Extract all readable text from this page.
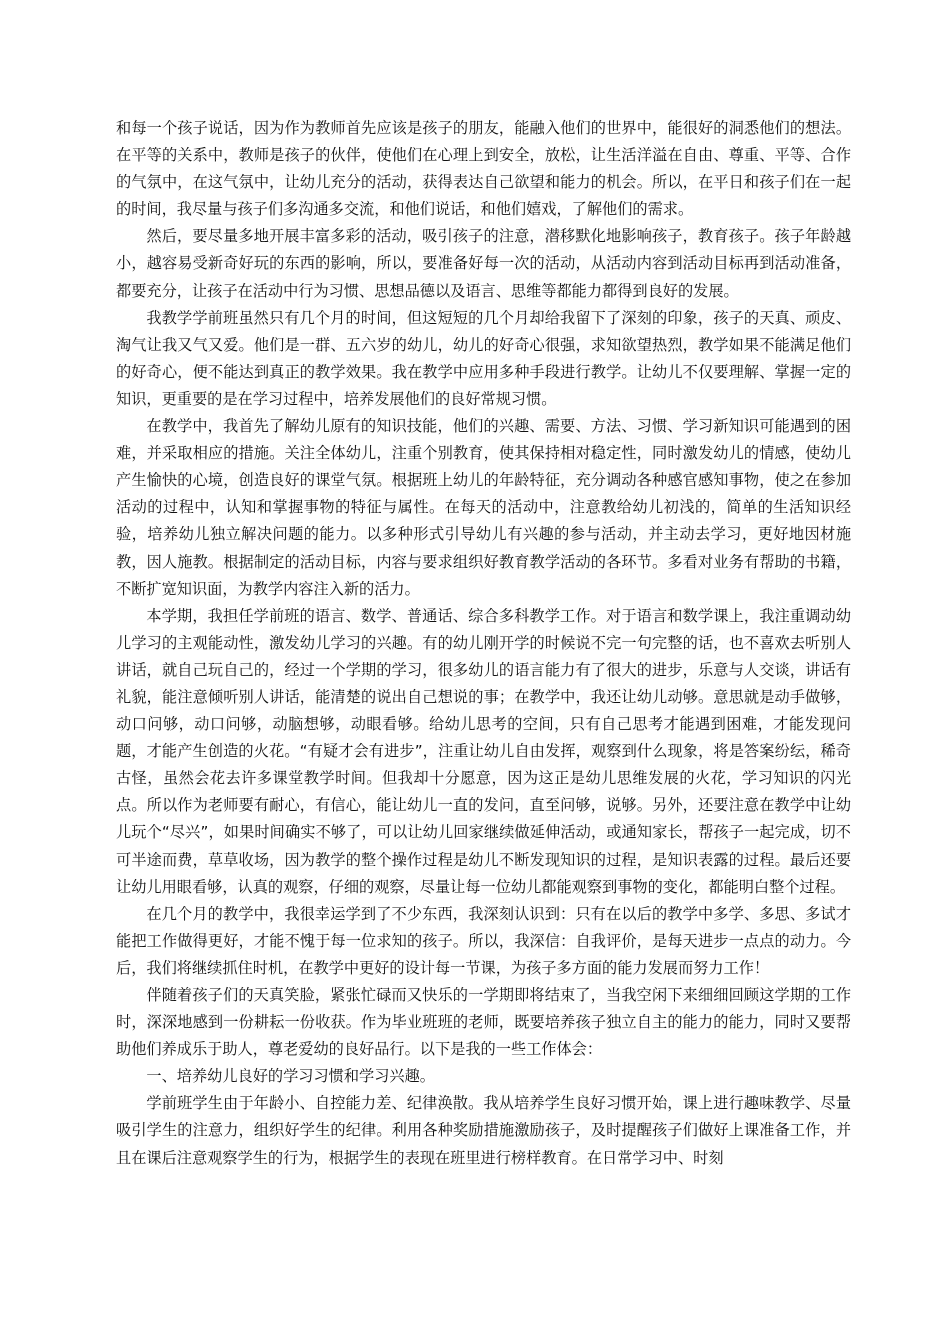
和每一个孩子说话，因为作为教师首先应该是孩子的朋友，能融入他们的世界中，能很好的洞悉他们的想法。在平等的关系中，教师是孩子的伙伴，使他们在心理上到安全，放松，让生活洋溢在自由、尊重、平等、合作的气氛中，在这气氛中，让幼儿充分的活动，获得表达自己欲望和能力的机会。所以，在平日和孩子们在一起的时间，我尽量与孩子们多沟通多交流，和他们说话，和他们嬉戏，了解他们的需求。

然后，要尽量多地开展丰富多彩的活动，吸引孩子的注意，潜移默化地影响孩子，教育孩子。孩子年龄越小，越容易受新奇好玩的东西的影响，所以，要准备好每一次的活动，从活动内容到活动目标再到活动准备，都要充分，让孩子在活动中行为习惯、思想品德以及语言、思维等都能力都得到良好的发展。

我教学学前班虽然只有几个月的时间，但这短短的几个月却给我留下了深刻的印象，孩子的天真、顽皮、淘气让我又气又爱。他们是一群、五六岁的幼儿，幼儿的好奇心很强，求知欲望热烈，教学如果不能满足他们的好奇心，便不能达到真正的教学效果。我在教学中应用多种手段进行教学。让幼儿不仅要理解、掌握一定的知识，更重要的是在学习过程中，培养发展他们的良好常规习惯。

在教学中，我首先了解幼儿原有的知识技能，他们的兴趣、需要、方法、习惯、学习新知识可能遇到的困难，并采取相应的措施。关注全体幼儿，注重个别教育，使其保持相对稳定性，同时激发幼儿的情感，使幼儿产生愉快的心境，创造良好的课堂气氛。根据班上幼儿的年龄特征，充分调动各种感官感知事物，使之在参加活动的过程中，认知和掌握事物的特征与属性。在每天的活动中，注意教给幼儿初浅的，简单的生活知识经验，培养幼儿独立解决问题的能力。以多种形式引导幼儿有兴趣的参与活动，并主动去学习，更好地因材施教，因人施教。根据制定的活动目标，内容与要求组织好教育教学活动的各环节。多看对业务有帮助的书籍，不断扩宽知识面，为教学内容注入新的活力。

本学期，我担任学前班的语言、数学、普通话、综合多科教学工作。对于语言和数学课上，我注重调动幼儿学习的主观能动性，激发幼儿学习的兴趣。有的幼儿刚开学的时候说不完一句完整的话，也不喜欢去听别人讲话，就自己玩自己的，经过一个学期的学习，很多幼儿的语言能力有了很大的进步，乐意与人交谈，讲话有礼貌，能注意倾听别人讲话，能清楚的说出自己想说的事；在教学中，我还让幼儿动够。意思就是动手做够，动口问够，动口问够，动脑想够，动眼看够。给幼儿思考的空间，只有自己思考才能遇到困难，才能发现问题，才能产生创造的火花。“有疑才会有进步”，注重让幼儿自由发挥，观察到什么现象，将是答案纷纭，稀奇古怪，虽然会花去许多课堂教学时间。但我却十分愿意，因为这正是幼儿思维发展的火花，学习知识的闪光点。所以作为老师要有耐心，有信心，能让幼儿一直的发问，直至问够，说够。另外，还要注意在教学中让幼儿玩个“尽兴”，如果时间确实不够了，可以让幼儿回家继续做延伸活动，或通知家长，帮孩子一起完成，切不可半途而费，草草收场，因为教学的整个操作过程是幼儿不断发现知识的过程，是知识表露的过程。最后还要让幼儿用眼看够，认真的观察，仔细的观察，尽量让每一位幼儿都能观察到事物的变化，都能明白整个过程。

在几个月的教学中，我很幸运学到了不少东西，我深刻认识到：只有在以后的教学中多学、多思、多试才能把工作做得更好，才能不愧于每一位求知的孩子。所以，我深信：自我评价，是每天进步一点点的动力。今后，我们将继续抓住时机，在教学中更好的设计每一节课，为孩子多方面的能力发展而努力工作！

伴随着孩子们的天真笑脸，紧张忙碌而又快乐的一学期即将结束了，当我空闲下来细细回顾这学期的工作时，深深地感到一份耕耘一份收获。作为毕业班班的老师，既要培养孩子独立自主的能力的能力，同时又要帮助他们养成乐于助人，尊老爱幼的良好品行。以下是我的一些工作体会：

一、培养幼儿良好的学习习惯和学习兴趣。

学前班学生由于年龄小、自控能力差、纪律涣散。我从培养学生良好习惯开始，课上进行趣味教学、尽量吸引学生的注意力，组织好学生的纪律。利用各种奖励措施激励孩子，及时提醒孩子们做好上课准备工作，并且在课后注意观察学生的行为，根据学生的表现在班里进行榜样教育。在日常学习中、时刻
